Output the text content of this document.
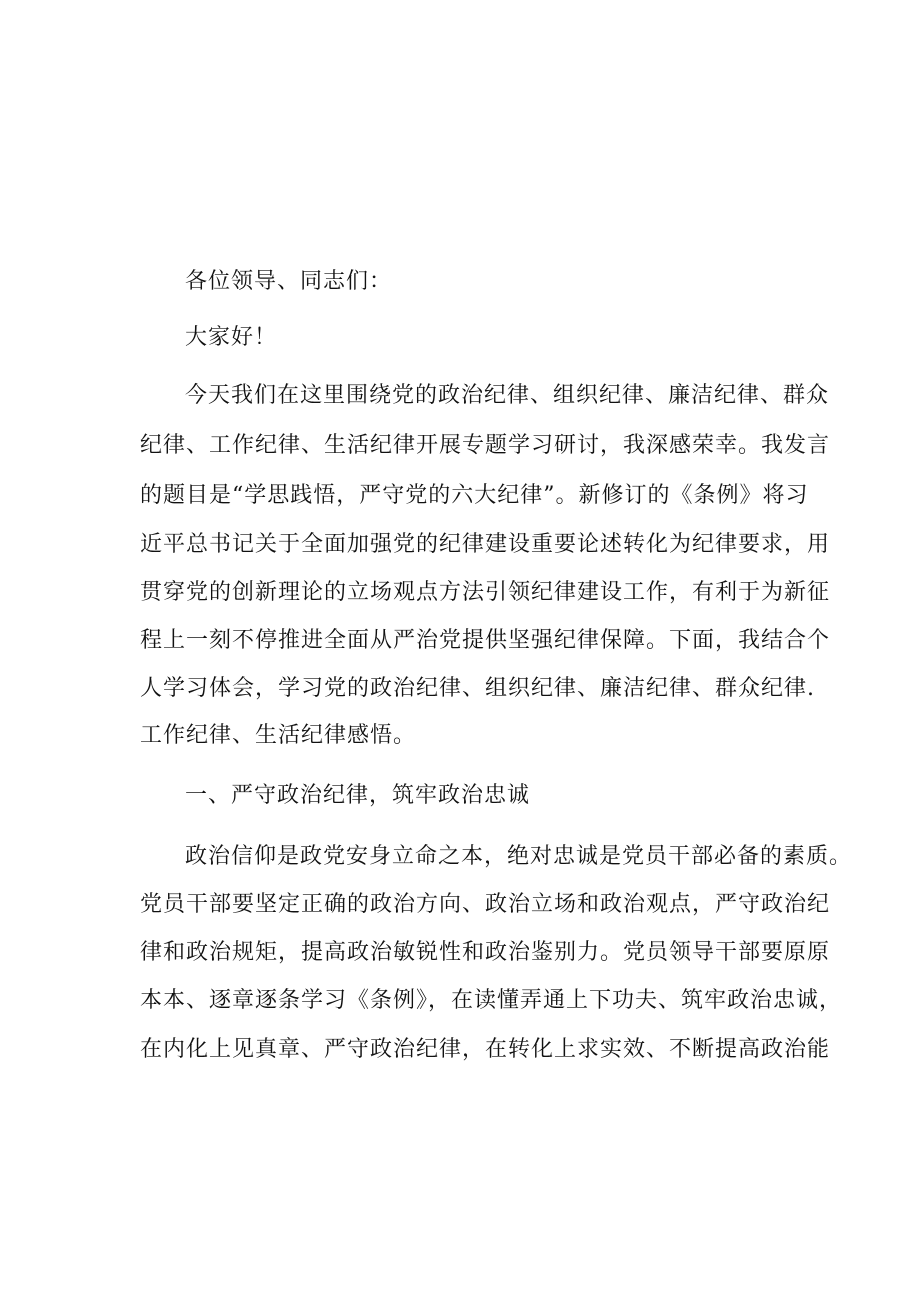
各位领导、同志们：
大家好！
今天我们在这里围绕党的政治纪律、组织纪律、廉洁纪律、群众
纪律、工作纪律、生活纪律开展专题学习研讨，我深感荣幸。我发言
的题目是“学思践悟，严守党的六大纪律”。新修订的《条例》将习
近平总书记关于全面加强党的纪律建设重要论述转化为纪律要求，用
贯穿党的创新理论的立场观点方法引领纪律建设工作，有利于为新征
程上一刻不停推进全面从严治党提供坚强纪律保障。下面，我结合个
人学习体会，学习党的政治纪律、组织纪律、廉洁纪律、群众纪律.
工作纪律、生活纪律感悟。
一、严守政治纪律，筑牢政治忠诚
政治信仰是政党安身立命之本，绝对忠诚是党员干部必备的素质。
党员干部要坚定正确的政治方向、政治立场和政治观点，严守政治纪
律和政治规矩，提高政治敏锐性和政治鉴别力。党员领导干部要原原
本本、逐章逐条学习《条例》，在读懂弄通上下功夫、筑牢政治忠诚，
在内化上见真章、严守政治纪律，在转化上求实效、不断提高政治能
